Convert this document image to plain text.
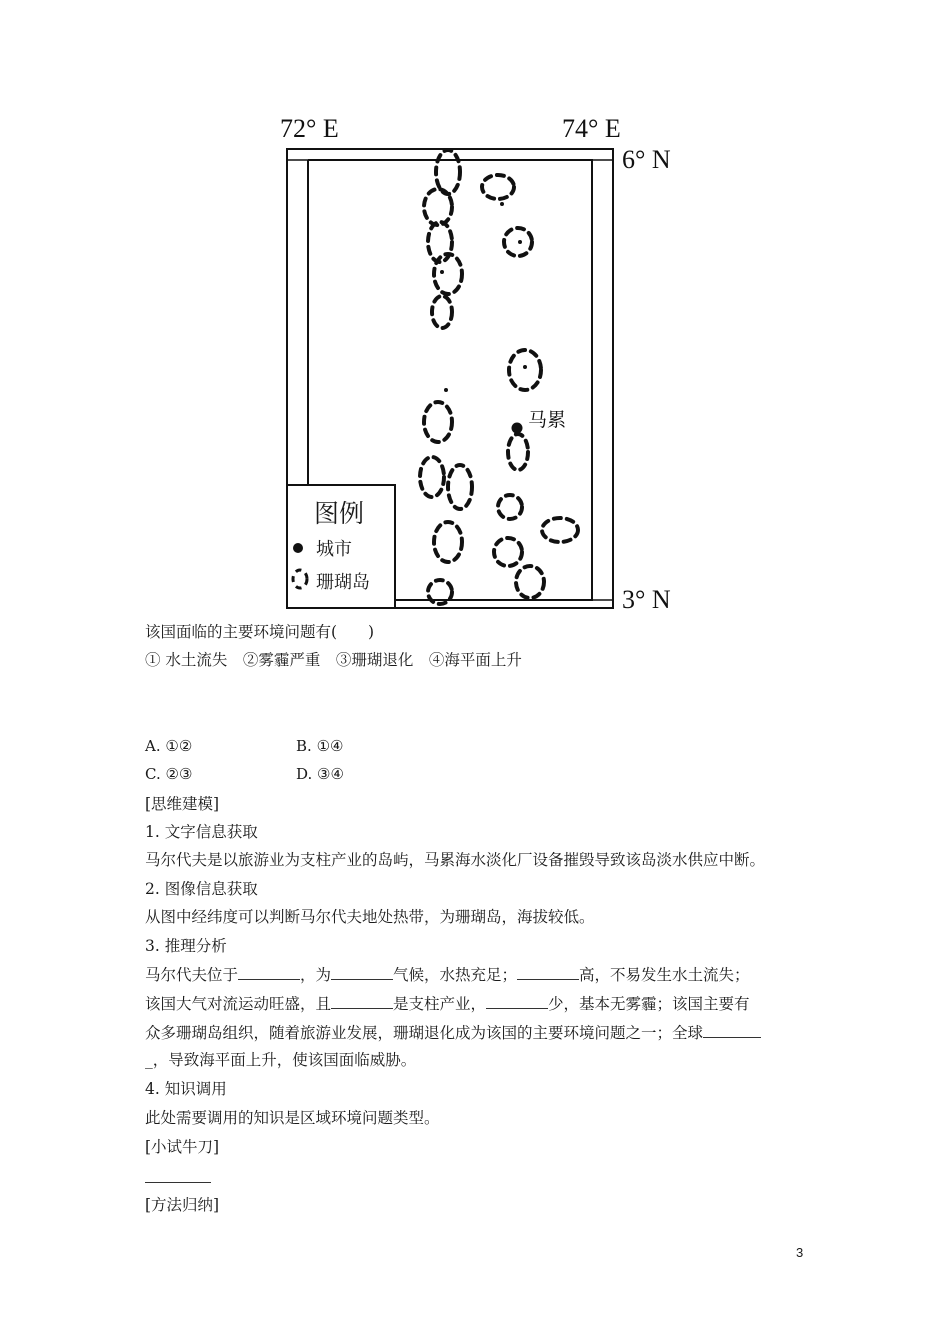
72° E	74° E
6° N
3° N
马累
图例
城市
珊瑚岛
该国面临的主要环境问题有(　　)
① 水土流失　②雾霾严重　③珊瑚退化　④海平面上升
A. ①②	B. ①④
C. ②③	D. ③④
[思维建模]
1. 文字信息获取
马尔代夫是以旅游业为支柱产业的岛屿，马累海水淡化厂设备摧毁导致该岛淡水供应中断。
2. 图像信息获取
从图中经纬度可以判断马尔代夫地处热带，为珊瑚岛，海拔较低。
3. 推理分析
马尔代夫位于	，为	气候，水热充足；	高，不易发生水土流失；
该国大气对流运动旺盛，且	是支柱产业，	少，基本无雾霾；该国主要有
众多珊瑚岛组织，随着旅游业发展，珊瑚退化成为该国的主要环境问题之一；全球
_，导致海平面上升，使该国面临威胁。
4. 知识调用
此处需要调用的知识是区域环境问题类型。
[小试牛刀]
[方法归纳]
3
